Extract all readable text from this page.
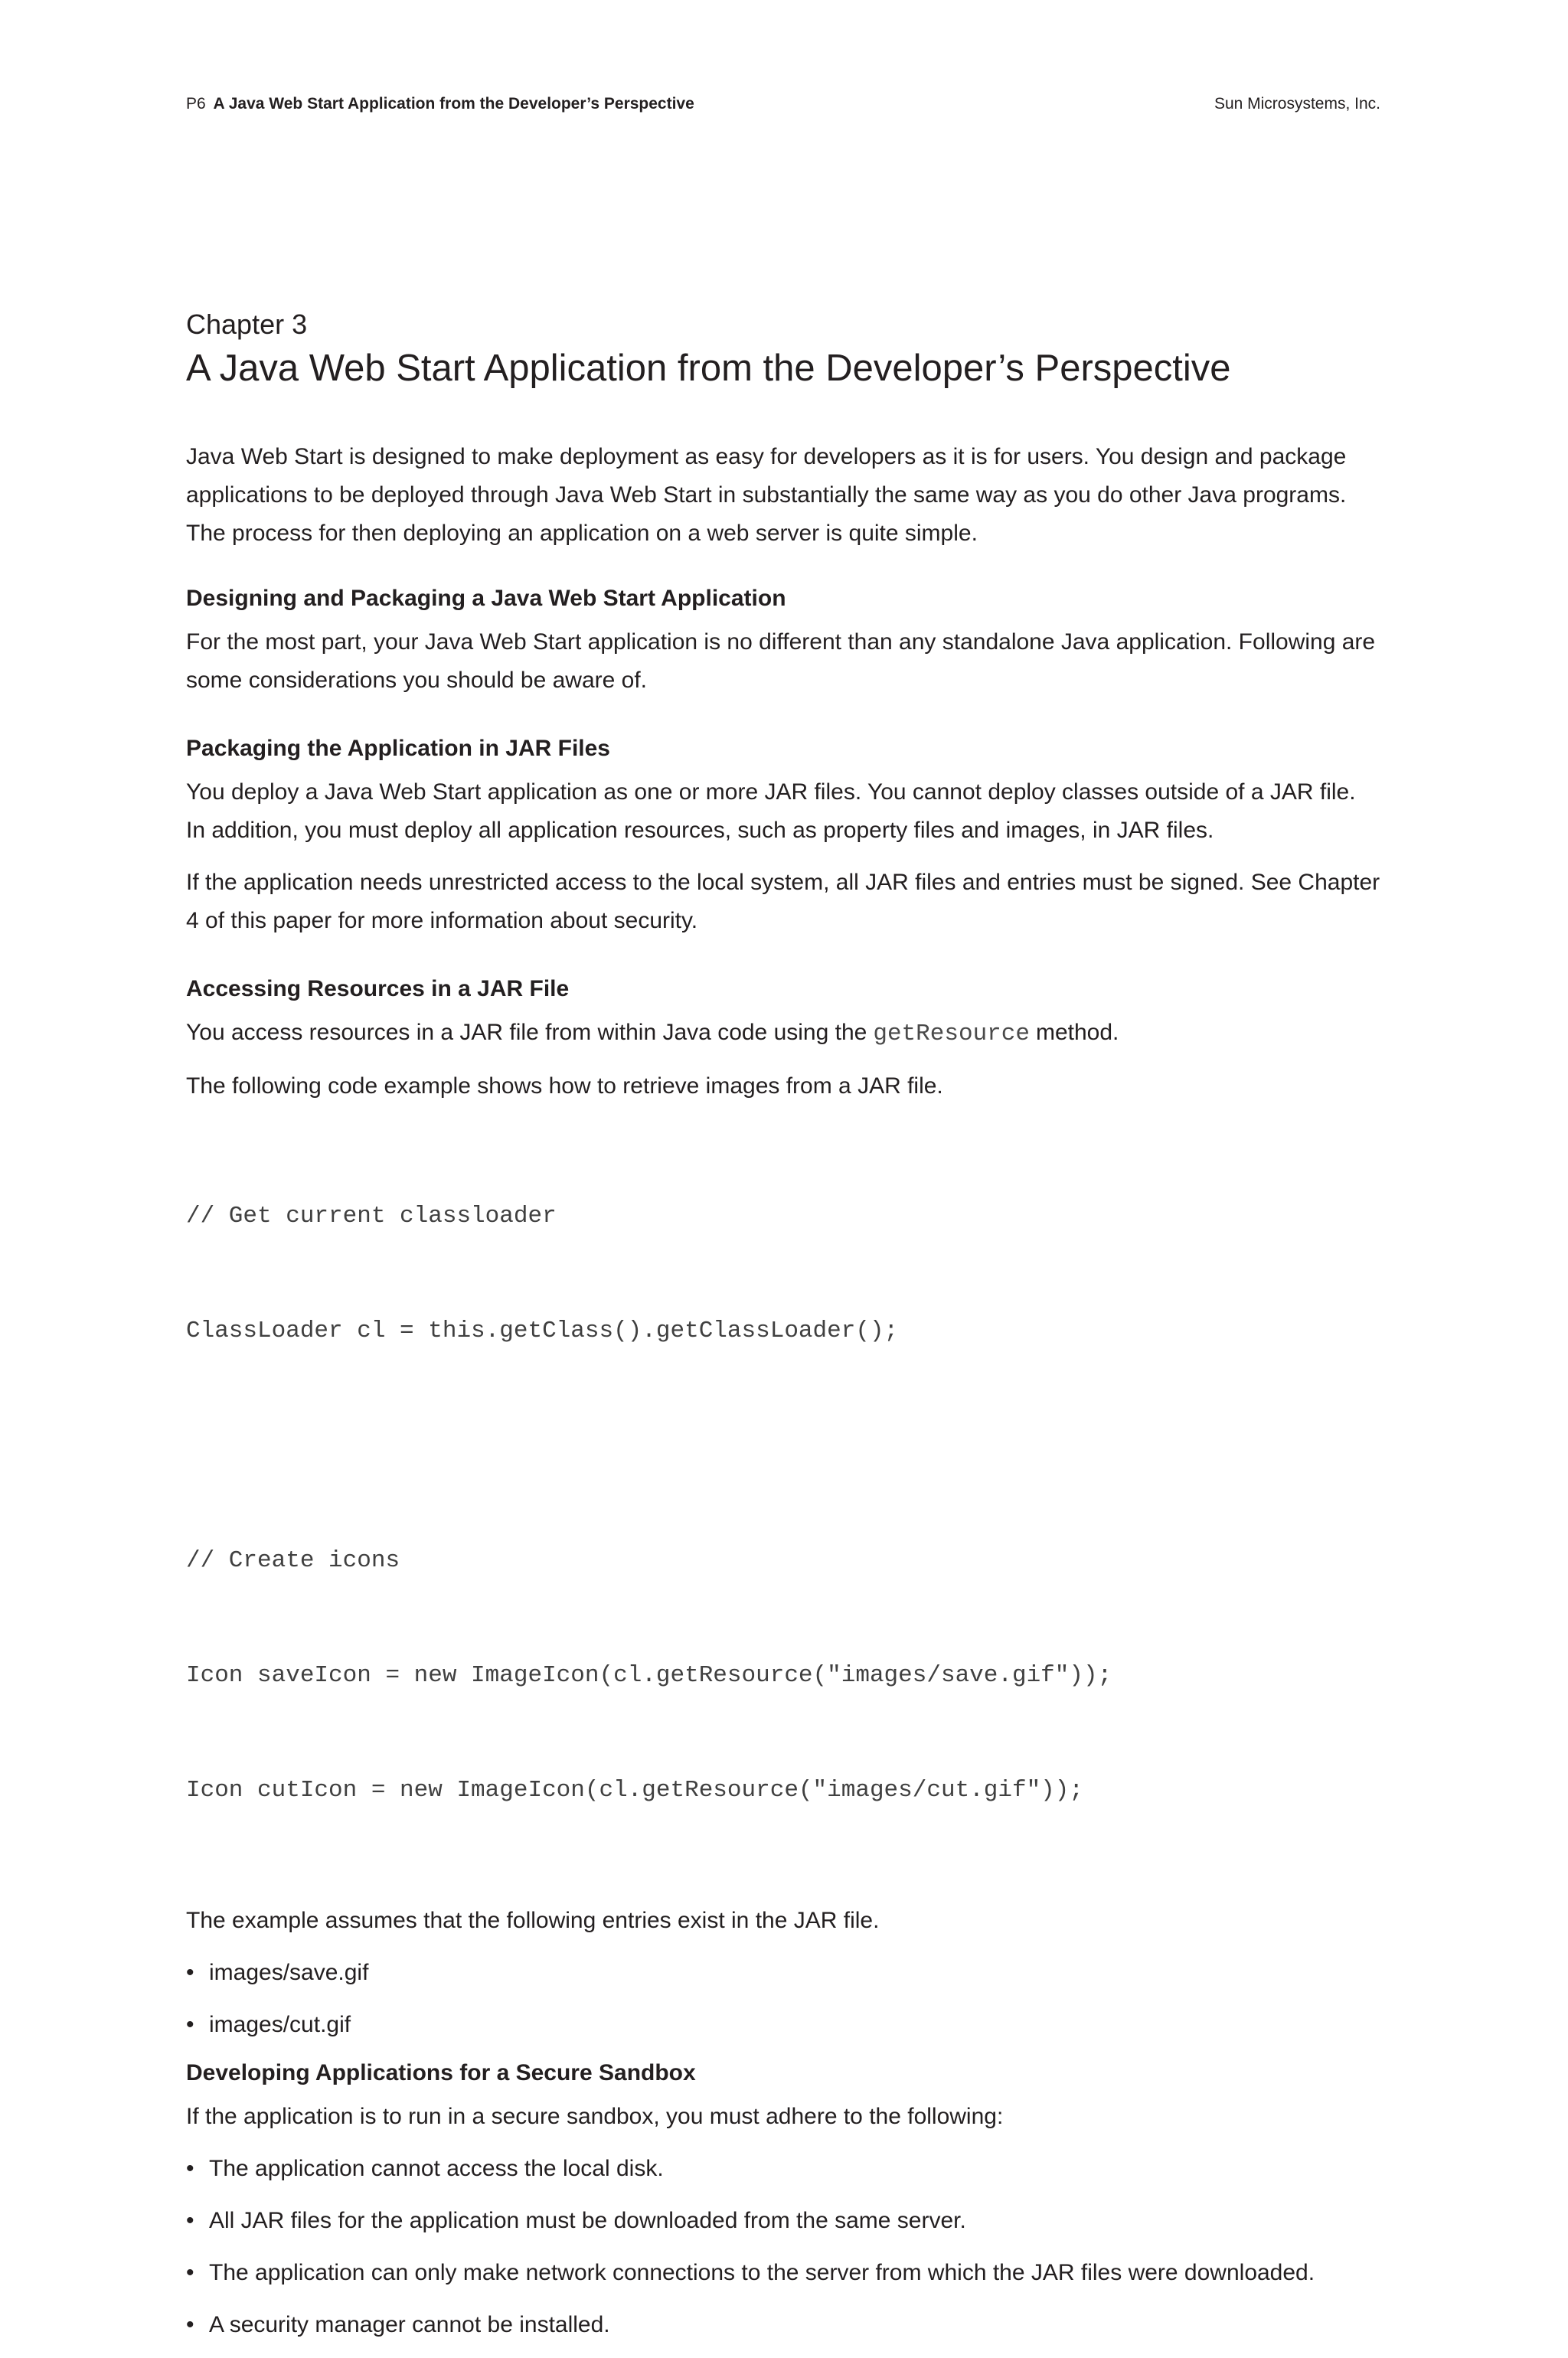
P6 A Java Web Start Application from the Developer’s Perspective	Sun Microsystems, Inc.
Chapter 3
A Java Web Start Application from the Developer’s Perspective

Java Web Start is designed to make deployment as easy for developers as it is for users. You design and package applications to be deployed through Java Web Start in substantially the same way as you do other Java programs. The process for then deploying an application on a web server is quite simple.

Designing and Packaging a Java Web Start Application

For the most part, your Java Web Start application is no different than any standalone Java application. Following are some considerations you should be aware of.

Packaging the Application in JAR Files

You deploy a Java Web Start application as one or more JAR files. You cannot deploy classes outside of a JAR file. In addition, you must deploy all application resources, such as property files and images, in JAR files.

If the application needs unrestricted access to the local system, all JAR files and entries must be signed. See Chapter 4 of this paper for more information about security.

Accessing Resources in a JAR File

You access resources in a JAR file from within Java code using the getResource method.

The following code example shows how to retrieve images from a JAR file.

// Get current classloader

ClassLoader cl = this.getClass().getClassLoader();

// Create icons

Icon saveIcon = new ImageIcon(cl.getResource("images/save.gif"));

Icon cutIcon = new ImageIcon(cl.getResource("images/cut.gif"));

The example assumes that the following entries exist in the JAR file.

• images/save.gif
• images/cut.gif
Developing Applications for a Secure Sandbox

If the application is to run in a secure sandbox, you must adhere to the following:

• The application cannot access the local disk.
• All JAR files for the application must be downloaded from the same server.
• The application can only make network connections to the server from which the JAR files were downloaded.
• A security manager cannot be installed.
